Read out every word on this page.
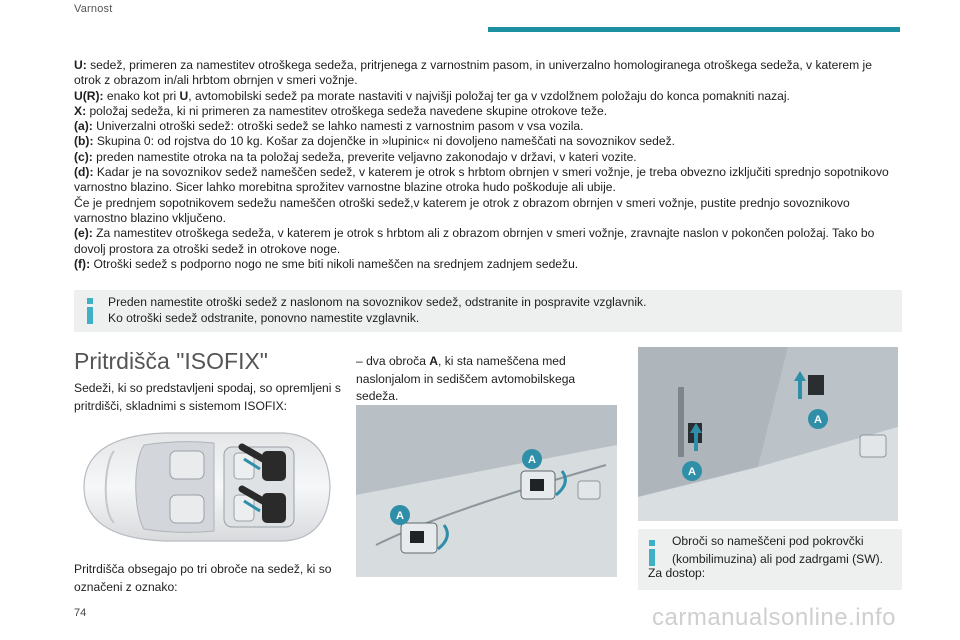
Varnost

U: sedež, primeren za namestitev otroškega sedeža, pritrjenega z varnostnim pasom, in univerzalno homologiranega otroškega sedeža, v katerem je otrok z obrazom in/ali hrbtom obrnjen v smeri vožnje.

U(R): enako kot pri U, avtomobilski sedež pa morate nastaviti v najvišji položaj ter ga v vzdolžnem položaju do konca pomakniti nazaj.

X: položaj sedeža, ki ni primeren za namestitev otroškega sedeža navedene skupine otrokove teže.

(a): Univerzalni otroški sedež: otroški sedež se lahko namesti z varnostnim pasom v vsa vozila.

(b): Skupina 0: od rojstva do 10 kg. Košar za dojenčke in »lupinic« ni dovoljeno nameščati na sovoznikov sedež.

(c): preden namestite otroka na ta položaj sedeža, preverite veljavno zakonodajo v državi, v kateri vozite.

(d): Kadar je na sovoznikov sedež nameščen sedež, v katerem je otrok s hrbtom obrnjen v smeri vožnje, je treba obvezno izključiti sprednjo sopotnikovo varnostno blazino. Sicer lahko morebitna sprožitev varnostne blazine otroka hudo poškoduje ali ubije.

Če je prednjem sopotnikovem sedežu nameščen otroški sedež,v katerem je otrok z obrazom obrnjen v smeri vožnje, pustite prednjo sovoznikovo varnostno blazino vključeno.

(e): Za namestitev otroškega sedeža, v katerem je otrok s hrbtom ali z obrazom obrnjen v smeri vožnje, zravnajte naslon v pokončen položaj. Tako bo dovolj prostora za otroški sedež in otrokove noge.

(f): Otroški sedež s podporno nogo ne sme biti nikoli nameščen na srednjem zadnjem sedežu.

Preden namestite otroški sedež z naslonom na sovoznikov sedež, odstranite in pospravite vzglavnik.
Ko otroški sedež odstranite, ponovno namestite vzglavnik.
Pritrdišča "ISOFIX"
Sedeži, ki so predstavljeni spodaj, so opremljeni s pritrdišči, skladnimi s sistemom ISOFIX:
Pritrdišča obsegajo po tri obroče na sedež, ki so označeni z oznako:
– dva obroča A, ki sta nameščena med naslonjalom in sediščem avtomobilskega sedeža.
A
A
A
A
Obroči so nameščeni pod pokrovčki (kombilimuzina) ali pod zadrgami (SW).
Za dostop:
74	carmanualsonline.info
